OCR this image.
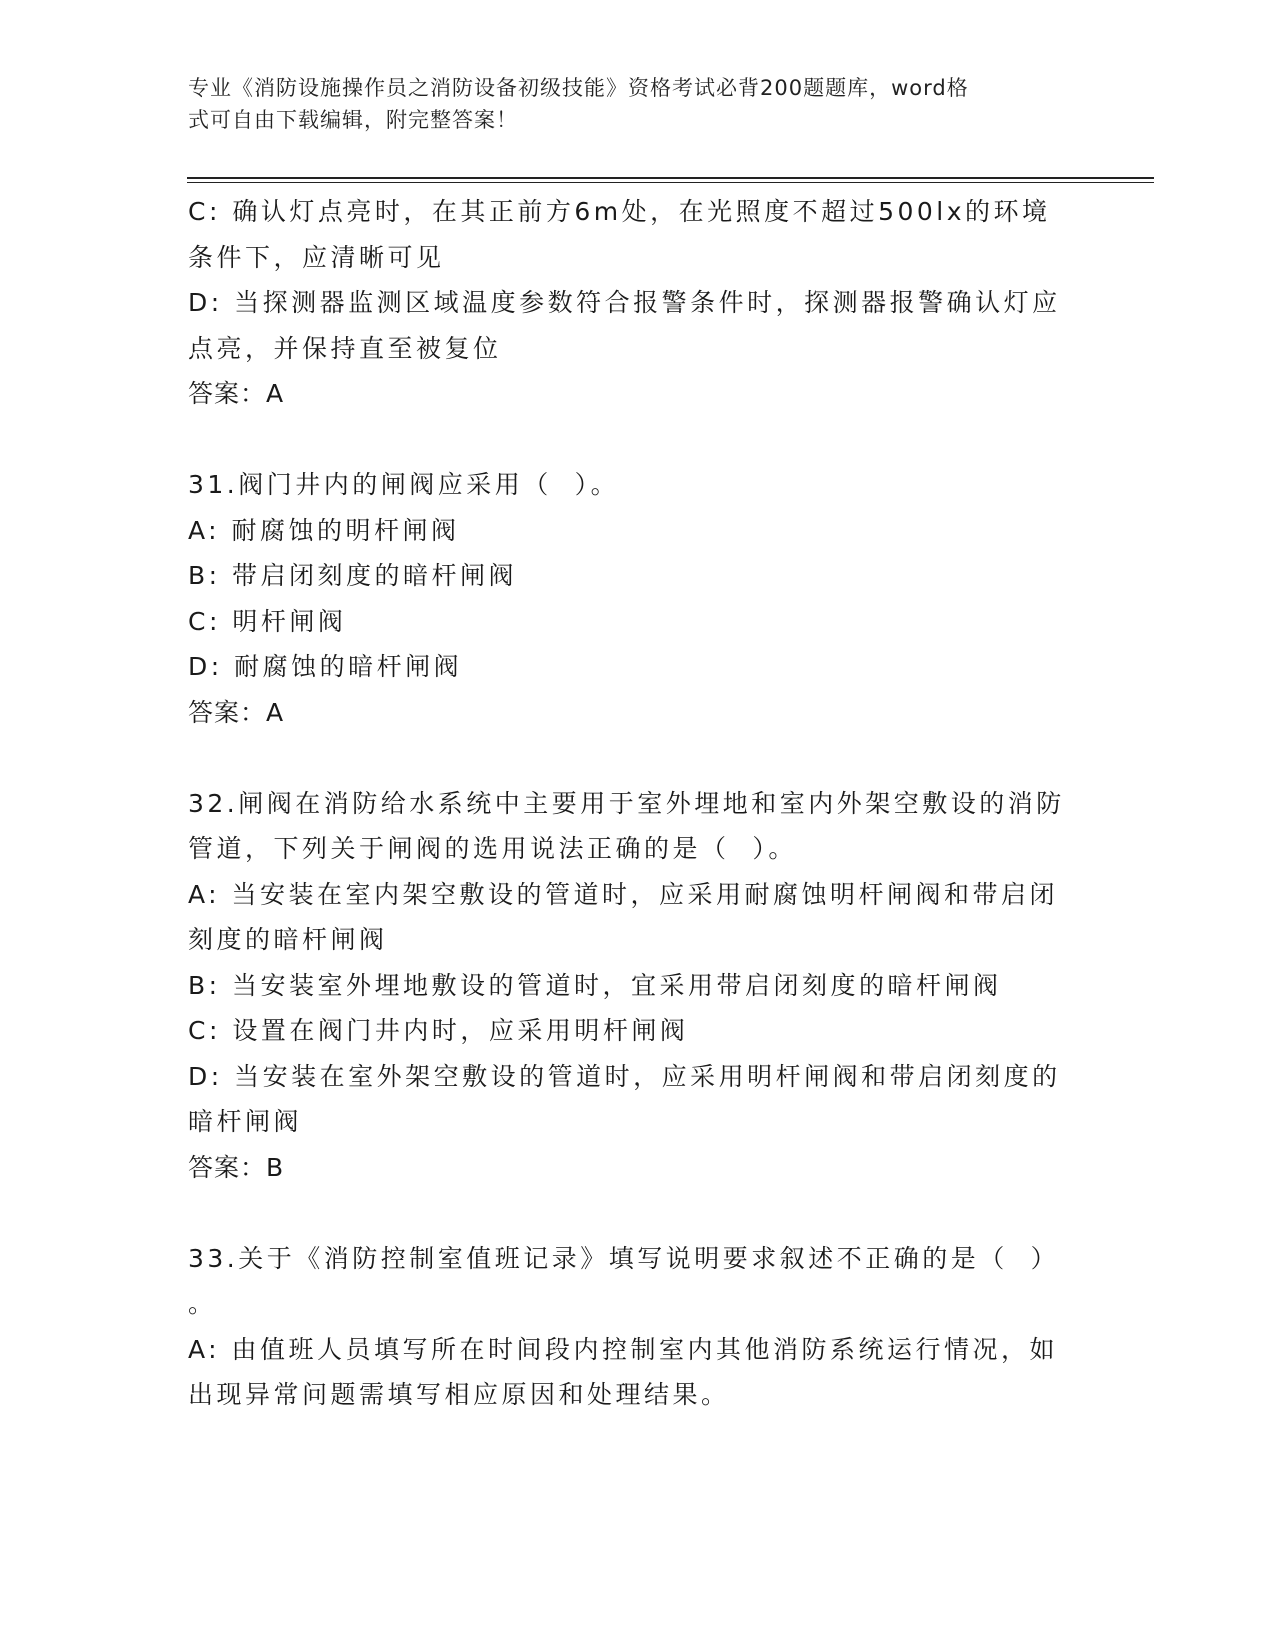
专业《消防设施操作员之消防设备初级技能》资格考试必背200题题库，word格
式可自由下载编辑，附完整答案！
C: 确认灯点亮时，在其正前方6m处，在光照度不超过500lx的环境
条件下，应清晰可见
D: 当探测器监测区域温度参数符合报警条件时，探测器报警确认灯应
点亮，并保持直至被复位
答案：A
31.阀门井内的闸阀应采用（  ）。
A: 耐腐蚀的明杆闸阀
B: 带启闭刻度的暗杆闸阀
C: 明杆闸阀
D: 耐腐蚀的暗杆闸阀
答案：A
32.闸阀在消防给水系统中主要用于室外埋地和室内外架空敷设的消防
管道，下列关于闸阀的选用说法正确的是（  ）。
A: 当安装在室内架空敷设的管道时，应采用耐腐蚀明杆闸阀和带启闭
刻度的暗杆闸阀
B: 当安装室外埋地敷设的管道时，宜采用带启闭刻度的暗杆闸阀
C: 设置在阀门井内时，应采用明杆闸阀
D: 当安装在室外架空敷设的管道时，应采用明杆闸阀和带启闭刻度的
暗杆闸阀
答案：B
33.关于《消防控制室值班记录》填写说明要求叙述不正确的是（  ）
。
A: 由值班人员填写所在时间段内控制室内其他消防系统运行情况，如
出现异常问题需填写相应原因和处理结果。
